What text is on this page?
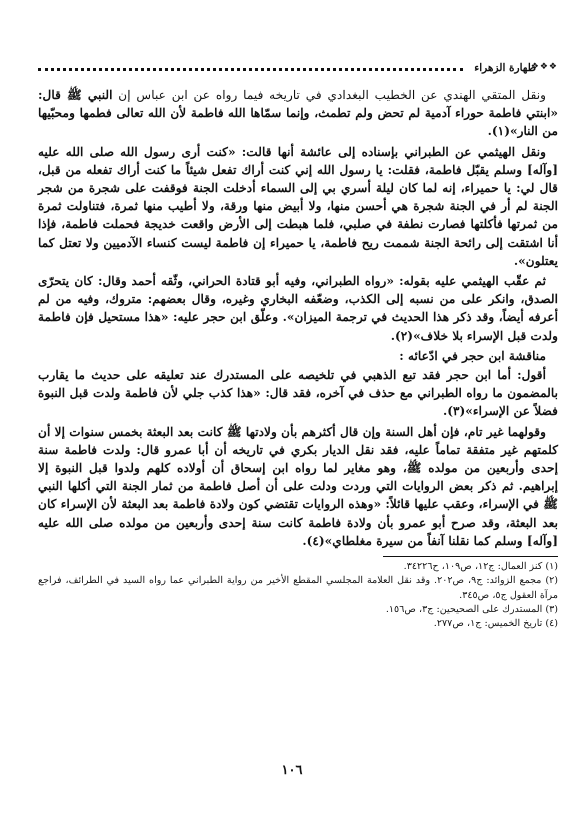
❖❖❖
طهارة الزهراء

ونقل المتقي الهندي عن الخطيب البغدادي في تاريخه فيما رواه عن ابن عباس إن النبي ﷺ قال: «ابنتي فاطمة حوراء آدمية لم تحض ولم تطمث، وإنما سمّاها الله فاطمة لأن الله تعالى فطمها ومحبّيها من النار»(١).

ونقل الهيثمي عن الطبراني بإسناده إلى عائشة أنها قالت: «كنت أرى رسول الله صلى الله عليه [وآله] وسلم يقبّل فاطمة، فقلت: يا رسول الله إني كنت أراك تفعل شيئاً ما كنت أراك تفعله من قبل، قال لي: يا حميراء، إنه لما كان ليلة أسري بي إلى السماء أدخلت الجنة فوقفت على شجرة من شجر الجنة لم أر في الجنة شجرة هي أحسن منها، ولا أبيض منها ورقة، ولا أطيب منها ثمرة، فتناولت ثمرة من ثمرتها فأكلتها فصارت نطفة في صلبي، فلما هبطت إلى الأرض واقعت خديجة فحملت فاطمة، فإذا أنا اشتقت إلى رائحة الجنة شممت ريح فاطمة، يا حميراء إن فاطمة ليست كنساء الآدميين ولا تعتل كما يعتلون».

ثم عقّب الهيثمي عليه بقوله: «رواه الطبراني، وفيه أبو قتادة الحراني، وثّقه أحمد وقال: كان يتحرّى الصدق، وانكر على من نسبه إلى الكذب، وضعّفه البخاري وغيره، وقال بعضهم: متروك، وفيه من لم أعرفه أيضاً، وقد ذكر هذا الحديث في ترجمة الميزان». وعلّق ابن حجر عليه: «هذا مستحيل فإن فاطمة ولدت قبل الإسراء بلا خلاف»(٢).

مناقشة ابن حجر في ادّعائه :

أقول: أما ابن حجر فقد تبع الذهبي في تلخيصه على المستدرك عند تعليقه على حديث ما يقارب بالمضمون ما رواه الطبراني مع حذف في آخره، فقد قال: «هذا كذب جلي لأن فاطمة ولدت قبل النبوة فضلاً عن الإسراء»(٣).

وقولهما غير تام، فإن أهل السنة وإن قال أكثرهم بأن ولادتها ﷺ كانت بعد البعثة بخمس سنوات إلا أن كلمتهم غير متفقة تماماً عليه، فقد نقل الديار بكري في تاريخه أن أبا عمرو قال: ولدت فاطمة سنة إحدى وأربعين من مولده ﷺ، وهو مغاير لما رواه ابن إسحاق أن أولاده كلهم ولدوا قبل النبوة إلا إبراهيم. ثم ذكر بعض الروايات التي وردت ودلت على أن أصل فاطمة من ثمار الجنة التي أكلها النبي ﷺ في الإسراء، وعقب عليها قائلاً: «وهذه الروايات تقتضي كون ولادة فاطمة بعد البعثة لأن الإسراء كان بعد البعثة، وقد صرح أبو عمرو بأن ولادة فاطمة كانت سنة إحدى وأربعين من مولده صلى الله عليه [وآله] وسلم كما نقلنا آنفاً من سيرة مغلطاي»(٤).

(١) كنز العمال: ج١٢، ص١٠٩، ح٣٤٢٢٦.

(٢) مجمع الزوائد: ج٩، ص٢٠٢. وقد نقل العلامة المجلسي المقطع الأخير من رواية الطبراني عما رواه السيد في الطرائف، فراجع مرآة العقول ج٥، ص٣٤٥.

(٣) المستدرك على الصحيحين: ج٣، ص١٥٦.

(٤) تاريخ الخميس: ج١، ص٢٧٧.

١٠٦
